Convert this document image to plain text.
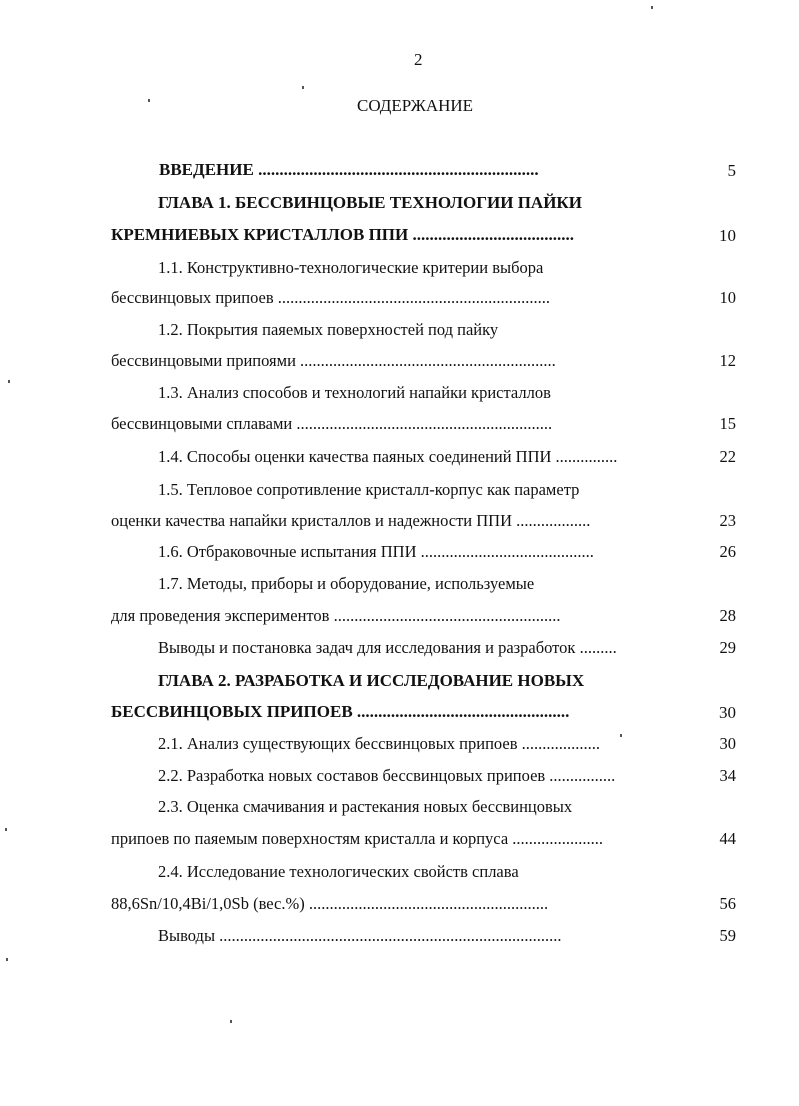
2
СОДЕРЖАНИЕ
ВВЕДЕНИЕ ..................................................................	5
ГЛАВА 1. БЕССВИНЦОВЫЕ ТЕХНОЛОГИИ ПАЙКИ
КРЕМНИЕВЫХ КРИСТАЛЛОВ ППИ ......................................	10
1.1. Конструктивно-технологические критерии выбора
бессвинцовых припоев ..................................................................	10
1.2. Покрытия паяемых поверхностей под пайку
бессвинцовыми припоями ..............................................................	12
1.3. Анализ способов и технологий напайки кристаллов
бессвинцовыми сплавами ..............................................................	15
1.4. Способы оценки качества паяных соединений ППИ ...............	22
1.5. Тепловое сопротивление кристалл-корпус как параметр
оценки качества напайки кристаллов и надежности ППИ ..................	23
1.6. Отбраковочные испытания ППИ ..........................................	26
1.7. Методы, приборы и оборудование, используемые
для проведения экспериментов .......................................................	28
Выводы и постановка задач для исследования и разработок .........	29
ГЛАВА 2. РАЗРАБОТКА И ИССЛЕДОВАНИЕ НОВЫХ
БЕССВИНЦОВЫХ ПРИПОЕВ ..................................................	30
2.1. Анализ существующих бессвинцовых припоев ...................	30
2.2. Разработка новых составов бессвинцовых припоев ................	34
2.3. Оценка смачивания и растекания новых бессвинцовых
припоев по паяемым поверхностям кристалла и корпуса ......................	44
2.4. Исследование технологических свойств сплава
88,6Sn/10,4Bi/1,0Sb (вес.%) ..........................................................	56
Выводы ...................................................................................	59
